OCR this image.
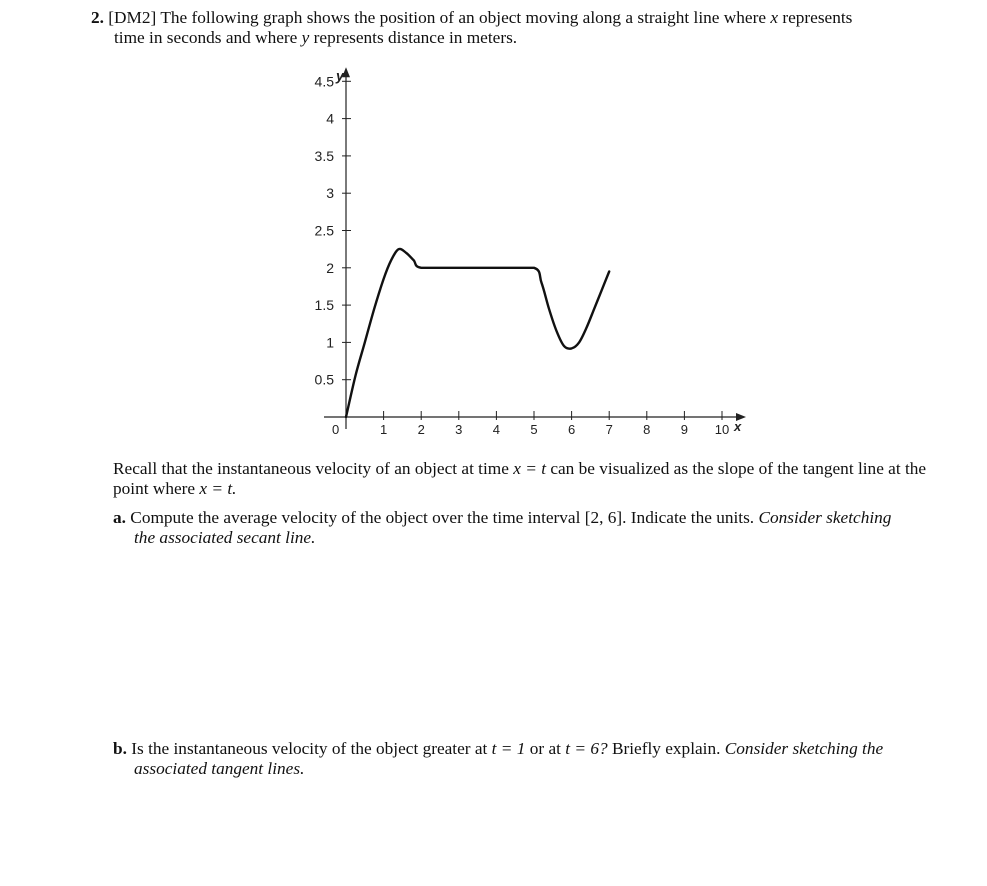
2. [DM2] The following graph shows the position of an object moving along a straight line where x represents
time in seconds and where y represents distance in meters.
y
x
0
0.5
1
1.5
2
2.5
3
3.5
4
4.5
1 2 3 4 5 6 7 8 9 10
Recall that the instantaneous velocity of an object at time x = t can be visualized as the slope of the tangent line at the point where x = t.
a. Compute the average velocity of the object over the time interval [2, 6]. Indicate the units. Consider sketching
the associated secant line.
b. Is the instantaneous velocity of the object greater at t = 1 or at t = 6? Briefly explain. Consider sketching the
associated tangent lines.
